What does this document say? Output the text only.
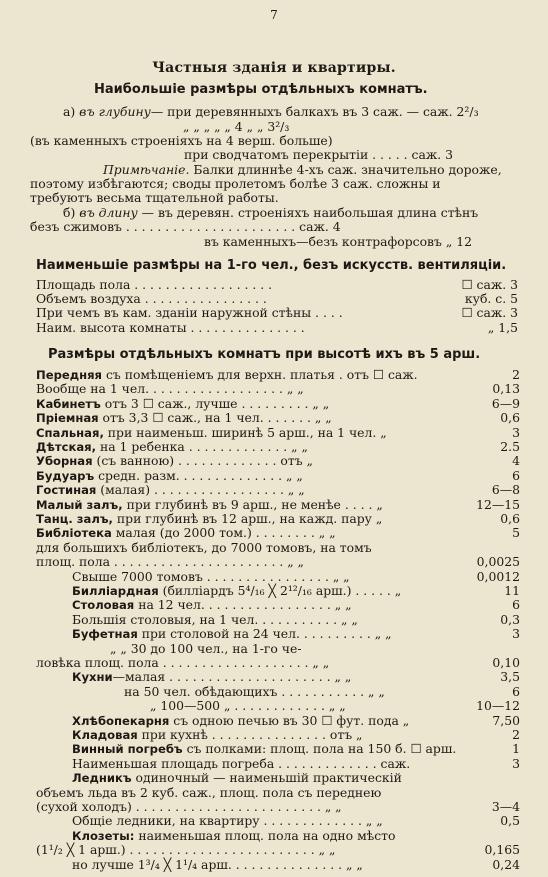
7
Частныя зданія и квартиры.
Наибольшіе размѣры отдѣльныхъ комнатъ.
а) въ глубину— при деревянныхъ балкахъ въ 3 саж. — саж. 2²/₃
„ „ „ „ „ 4 „ „ 3²/₃
(въ каменныхъ строеніяхъ на 4 верш. больше)
при сводчатомъ перекрытіи . . . . . саж. 3
Примѣчаніе. Балки длиннѣе 4-хъ саж. значительно дороже,
поэтому избѣгаются; своды пролетомъ болѣе 3 саж. сложны и
требуютъ весьма тщательной работы.
б) въ длину — въ деревян. строеніяхъ наибольшая длина стѣнъ
безъ сжимовъ . . . . . . . . . . . . . . . . . . . . . . саж. 4
въ каменныхъ—безъ контрафорсовъ „ 12
Наименьшіе размѣры на 1-го чел., безъ искусств. вентиляціи.
Площадь пола . . . . . . . . . . . . . . . . . .	☐ саж. 3
Объемъ воздуха . . . . . . . . . . . . . . . .	куб. с. 5
При чемъ въ кам. зданіи наружной стѣны . . . .	☐ саж. 3
Наим. высота комнаты . . . . . . . . . . . . . . .	„ 1,5
Размѣры отдѣльныхъ комнатъ при высотѣ ихъ въ 5 арш.
Передняя съ помѣщеніемъ для верхн. платья . отъ ☐ саж.	2
Вообще на 1 чел. . . . . . . . . . . . . . . . . . „ „	0,13
Кабинетъ отъ 3 ☐ саж., лучше . . . . . . . . . „ „	6—9
Пріемная отъ 3,3 ☐ саж., на 1 чел. . . . . . . „ „	0,6
Спальная, при наименьш. ширинѣ 5 арш., на 1 чел. „	3
Дѣтская, на 1 ребенка . . . . . . . . . . . . . „ „	2.5
Уборная (съ ванною) . . . . . . . . . . . . . отъ „	4
Будуаръ средн. разм. . . . . . . . . . . . . . „ „	6
Гостиная (малая) . . . . . . . . . . . . . . . . . „ „	6—8
Малый залъ, при глубинѣ въ 9 арш., не менѣе . . . . „	12—15
Танц. залъ, при глубинѣ въ 12 арш., на кажд. пару „	0,6
Библіотека малая (до 2000 том.) . . . . . . . . „ „	5
для большихъ библіотекъ, до 7000 томовъ, на томъ
площ. пола . . . . . . . . . . . . . . . . . . . . . . „ „	0,0025
Свыше 7000 томовъ . . . . . . . . . . . . . . . . „ „	0,0012
Билліардная (билліардъ 5⁴/₁₆ ╳ 2¹²/₁₆ арш.) . . . . . „	11
Столовая на 12 чел. . . . . . . . . . . . . . . . . „ „	6
Большія столовыя, на 1 чел. . . . . . . . . . . „ „	0,3
Буфетная при столовой на 24 чел. . . . . . . . . . „ „	3
„ „ 30 до 100 чел., на 1-го че-
ловѣка площ. пола . . . . . . . . . . . . . . . . . . . „ „	0,10
Кухни—малая . . . . . . . . . . . . . . . . . . . . . „ „	3,5
на 50 чел. обѣдающихъ . . . . . . . . . . . „ „	6
„ 100—500 „ . . . . . . . . . . . . „ „	10—12
Хлѣбопекарня съ одною печью въ 30 ☐ фут. пода „	7,50
Кладовая при кухнѣ . . . . . . . . . . . . . . . отъ „	2
Винный погребъ съ полками: площ. пола на 150 б. ☐ арш.	1
Наименьшая площадь погреба . . . . . . . . . . . . . саж.	3
Ледникъ одиночный — наименьшій практическій
объемъ льда въ 2 куб. саж., площ. пола съ переднею
(сухой холодъ) . . . . . . . . . . . . . . . . . . . . . . . . „ „	3—4
Общіе ледники, на квартиру . . . . . . . . . . . . . „ „	0,5
Клозеты: наименьшая площ. пола на одно мѣсто
(1¹/₂ ╳ 1 арш.) . . . . . . . . . . . . . . . . . . . . . . . . „ „	0,165
но лучше 1³/₄ ╳ 1¹/₄ арш. . . . . . . . . . . . . . . „ „	0,24
